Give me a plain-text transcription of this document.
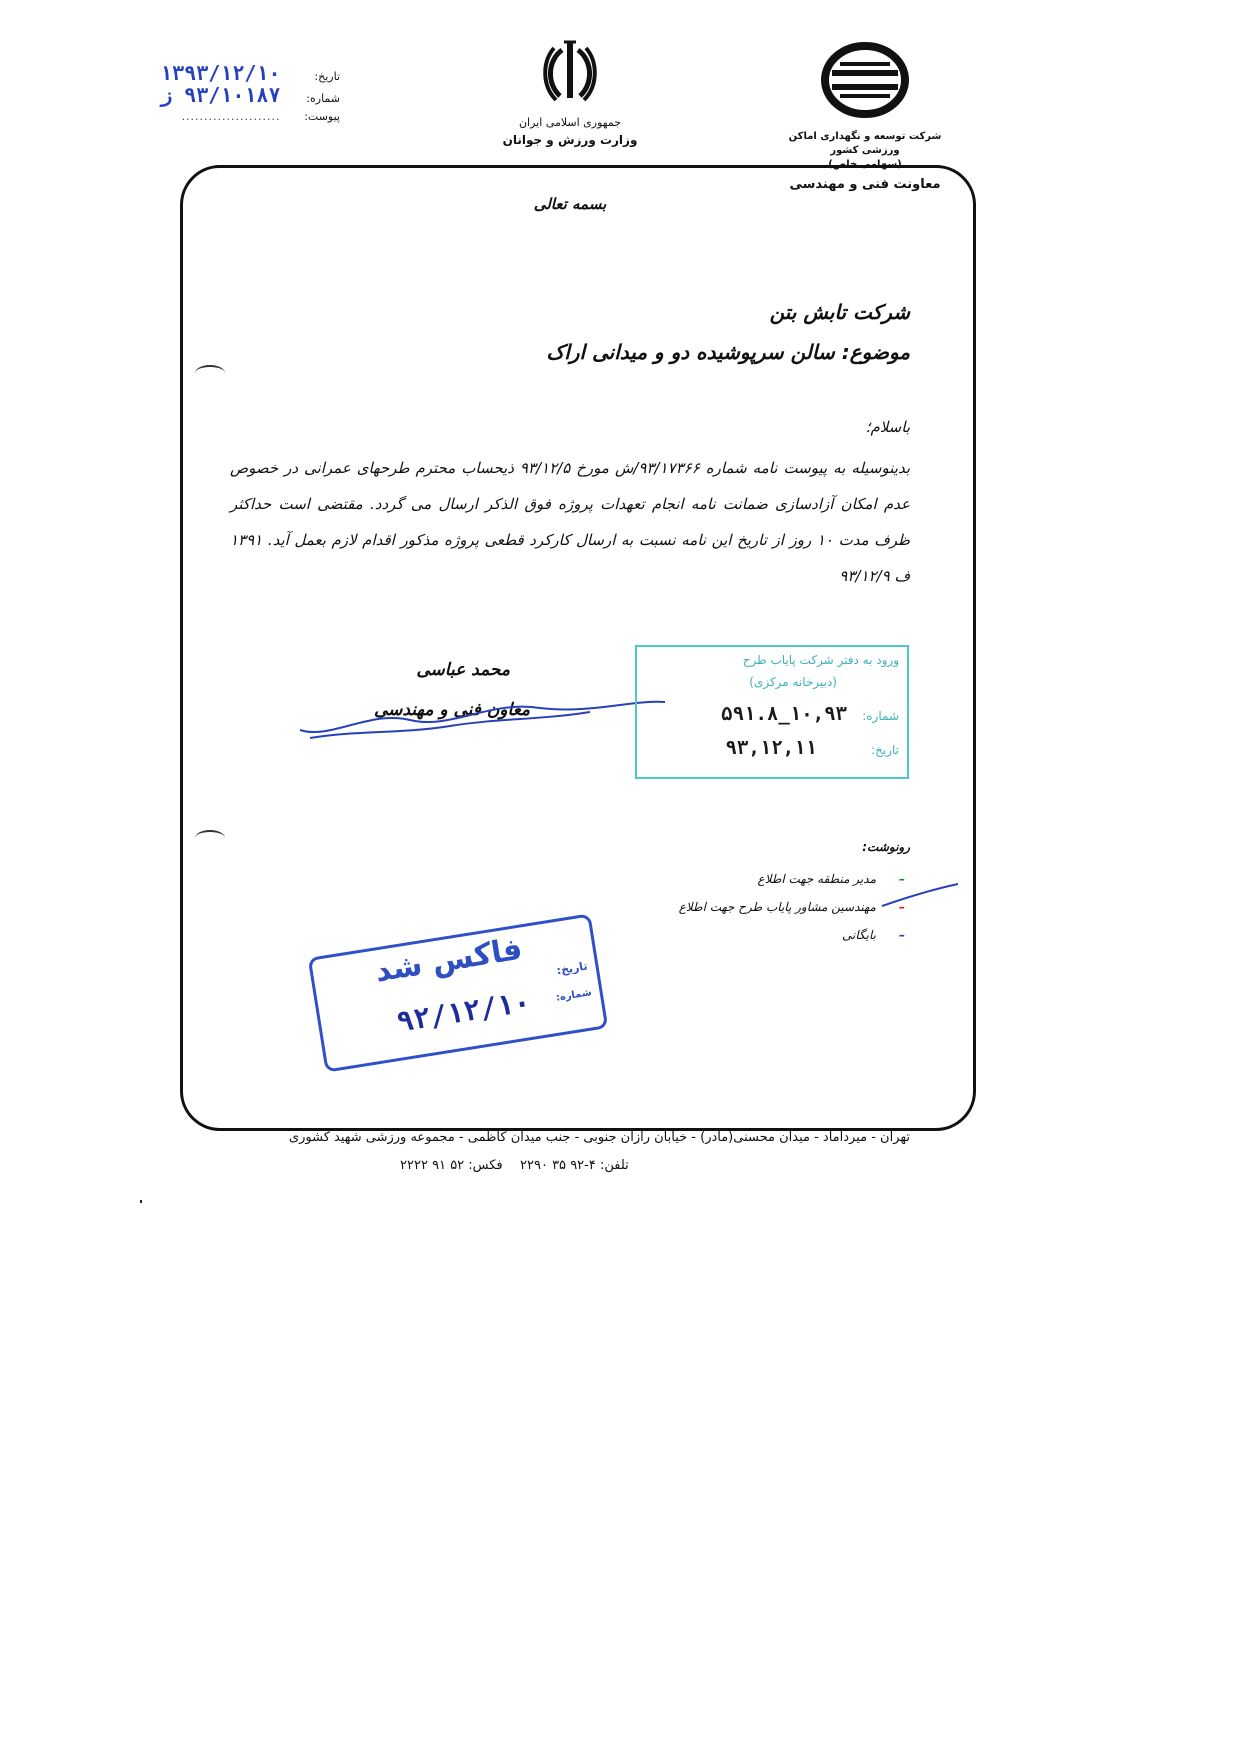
شرکت توسعه و نگهداری اماکن ورزشی کشور
(سهامی خاص)
معاونت فنی و مهندسی
جمهوری اسلامی ایران
وزارت ورزش و جوانان
تاریخ: ۱۳۹۳/۱۲/۱۰
شماره: ۹۳/۱۰۱۸۷ ز
پیوست: ......................
بسمه تعالی
شرکت تابش بتن
موضوع: سالن سرپوشیده دو و میدانی اراک
باسلام؛
بدینوسیله به پیوست نامه شماره ۹۳/۱۷۳۶۶/ش مورخ ۹۳/۱۲/۵ ذیحساب محترم طرحهای عمرانی در خصوص عدم امکان آزادسازی ضمانت نامه انجام تعهدات پروژه فوق الذکر ارسال می گردد. مقتضی است حداکثر ظرف مدت ۱۰ روز از تاریخ این نامه نسبت به ارسال کارکرد قطعی پروژه مذکور اقدام لازم بعمل آید. ۱۳۹۱ ف ۹۳/۱۲/۹
محمد عباسی
معاون فنی و مهندسی
ورود به دفتر شرکت پایاب طرح
(دبیرخانه مرکزی)
شماره:
۱۰,۹۳_۵۹۱.۸
تاریخ:
۹۳,۱۲,۱۱
رونوشت:
–مدیر منطقه جهت اطلاع
–مهندسین مشاور پایاب طرح جهت اطلاع
–بایگانی
فاکس شد	تاریخ:
شماره:
۹۲/۱۲/۱۰
تهران - میرداماد - میدان محسنی(مادر) - خیابان رازان جنوبی - جنب میدان کاظمی - مجموعه ورزشی شهید کشوری
تلفن: ۴-۹۲ ۳۵ ۲۲۹۰
فکس: ۵۲ ۹۱ ۲۲۲۲
